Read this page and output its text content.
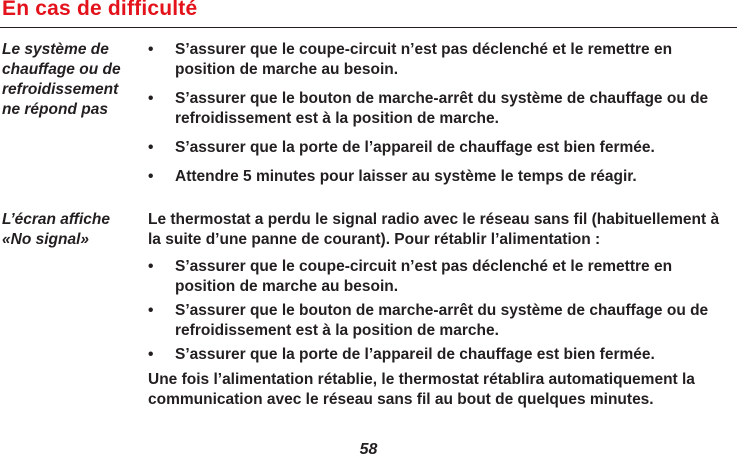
En cas de difficulté
Le système de
chauffage ou de
refroidissement
ne répond pas
• S’assurer que le coupe-circuit n’est pas déclenché et le remettre en position de marche au besoin.
• S’assurer que le bouton de marche-arrêt du système de chauffage ou de refroidissement est à la position de marche.
• S’assurer que la porte de l’appareil de chauffage est bien fermée.
• Attendre 5 minutes pour laisser au système le temps de réagir.
L’écran affiche
«No signal»

Le thermostat a perdu le signal radio avec le réseau sans fil (habituellement à la suite d’une panne de courant). Pour rétablir l’alimentation :

• S’assurer que le coupe-circuit n’est pas déclenché et le remettre en position de marche au besoin.
• S’assurer que le bouton de marche-arrêt du système de chauffage ou de refroidissement est à la position de marche.
• S’assurer que la porte de l’appareil de chauffage est bien fermée.

Une fois l’alimentation rétablie, le thermostat rétablira automatiquement la communication avec le réseau sans fil au bout de quelques minutes.

58
